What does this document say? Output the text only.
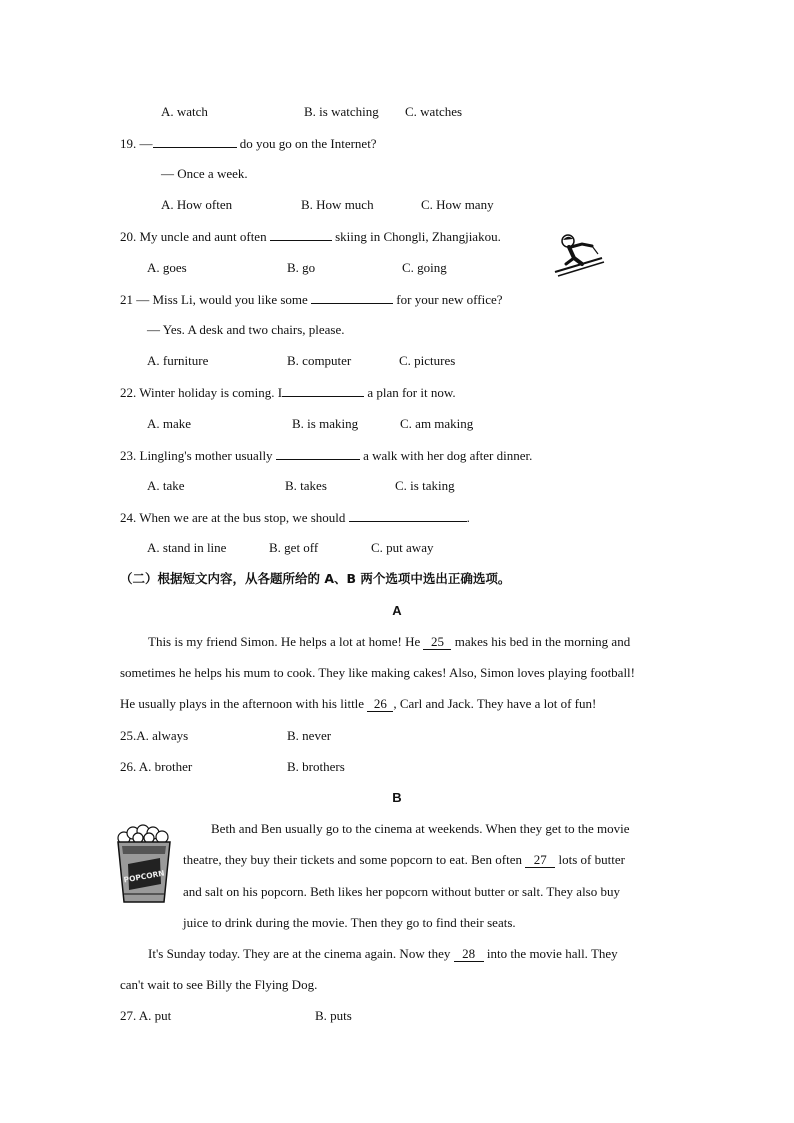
A. watch	B. is watching C. watches
19. —	do you go on the Internet?
— Once a week.
A. How often	B. How much	C. How many
20. My uncle and aunt often	skiing in Chongli, Zhangjiakou.
A. goes	B. go	C. going
21 — Miss Li, would you like some	for your new office?
— Yes. A desk and two chairs, please.
A. furniture	B. computer	C. pictures
22. Winter holiday is coming. I	a plan for it now.
A. make	B. is making	C. am making
23. Lingling's mother usually	a walk with her dog after dinner.
A. take	B. takes	C. is taking
24. When we are at the bus stop, we should	.
A. stand in line	B. get off	C. put away
（二）根据短文内容，从各题所给的 A、B 两个选项中选出正确选项。
A
This is my friend Simon. He helps a lot at home! He 25 makes his bed in the morning and
sometimes he helps his mum to cook. They like making cakes! Also, Simon loves playing football!
He usually plays in the afternoon with his little 26 , Carl and Jack. They have a lot of fun!
25.A. always	B. never
26. A. brother	B. brothers
B
POPCORN
Beth and Ben usually go to the cinema at weekends. When they get to the movie
theatre, they buy their tickets and some popcorn to eat. Ben often 27 lots of butter
and salt on his popcorn. Beth likes her popcorn without butter or salt. They also buy
juice to drink during the movie. Then they go to find their seats.
It's Sunday today. They are at the cinema again. Now they 28 into the movie hall. They
can't wait to see Billy the Flying Dog.
27. A. put	B. puts
